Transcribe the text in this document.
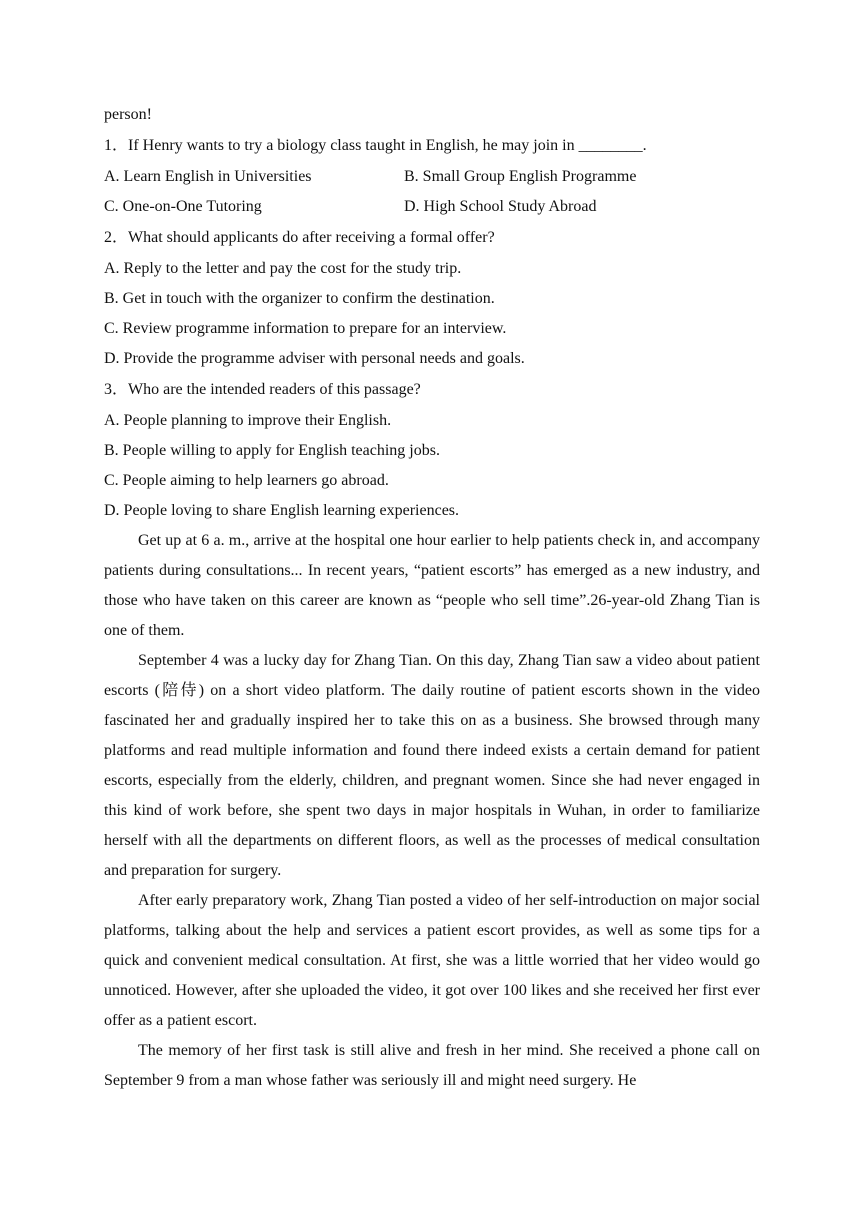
person!
1．If Henry wants to try a biology class taught in English, he may join in ________.
A. Learn English in Universities	B. Small Group English Programme
C. One-on-One Tutoring	D. High School Study Abroad
2．What should applicants do after receiving a formal offer?
A. Reply to the letter and pay the cost for the study trip.
B. Get in touch with the organizer to confirm the destination.
C. Review programme information to prepare for an interview.
D. Provide the programme adviser with personal needs and goals.
3．Who are the intended readers of this passage?
A. People planning to improve their English.
B. People willing to apply for English teaching jobs.
C. People aiming to help learners go abroad.
D. People loving to share English learning experiences.

Get up at 6 a. m., arrive at the hospital one hour earlier to help patients check in, and accompany patients during consultations... In recent years, “patient escorts” has emerged as a new industry, and those who have taken on this career are known as “people who sell time”.26-year-old Zhang Tian is one of them.

September 4 was a lucky day for Zhang Tian. On this day, Zhang Tian saw a video about patient escorts (陪侍) on a short video platform. The daily routine of patient escorts shown in the video fascinated her and gradually inspired her to take this on as a business. She browsed through many platforms and read multiple information and found there indeed exists a certain demand for patient escorts, especially from the elderly, children, and pregnant women. Since she had never engaged in this kind of work before, she spent two days in major hospitals in Wuhan, in order to familiarize herself with all the departments on different floors, as well as the processes of medical consultation and preparation for surgery.

After early preparatory work, Zhang Tian posted a video of her self-introduction on major social platforms, talking about the help and services a patient escort provides, as well as some tips for a quick and convenient medical consultation. At first, she was a little worried that her video would go unnoticed. However, after she uploaded the video, it got over 100 likes and she received her first ever offer as a patient escort.

The memory of her first task is still alive and fresh in her mind. She received a phone call on September 9 from a man whose father was seriously ill and might need surgery. He
